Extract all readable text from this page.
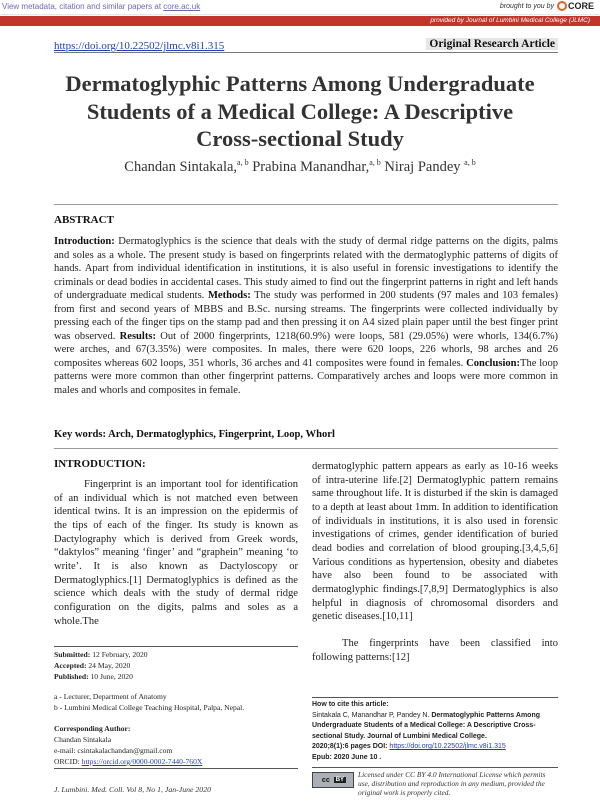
View metadata, citation and similar papers at core.ac.uk	brought to you by CORE
provided by Journal of Lumbini Medical College (JLMC)
https://doi.org/10.22502/jlmc.v8i1.315	Original Research Article
Dermatoglyphic Patterns Among Undergraduate
Students of a Medical College: A Descriptive
Cross-sectional Study
Chandan Sintakala,$^{a, b}$ Prabina Manandhar,$^{a, b}$ Niraj Pandey $^{a, b}$
ABSTRACT
Introduction: Dermatoglyphics is the science that deals with the study of dermal ridge patterns on the digits, palms and soles as a whole. The present study is based on fingerprints related with the dermatoglyphic patterns of digits of hands. Apart from individual identification in institutions, it is also useful in forensic investigations to identify the criminals or dead bodies in accidental cases. This study aimed to find out the fingerprint patterns in right and left hands of undergraduate medical students. Methods: The study was performed in 200 students (97 males and 103 females) from first and second years of MBBS and B.Sc. nursing streams. The fingerprints were collected individually by pressing each of the finger tips on the stamp pad and then pressing it on A4 sized plain paper until the best finger print was observed. Results: Out of 2000 fingerprints, 1218(60.9%) were loops, 581 (29.05%) were whorls, 134(6.7%) were arches, and 67(3.35%) were composites. In males, there were 620 loops, 226 whorls, 98 arches and 26 composites whereas 602 loops, 351 whorls, 36 arches and 41 composites were found in females. Conclusion:The loop patterns were more common than other fingerprint patterns. Comparatively arches and loops were more common in males and whorls and composites in female.
Key words: Arch, Dermatoglyphics, Fingerprint, Loop, Whorl
INTRODUCTION:
Fingerprint is an important tool for identification of an individual which is not matched even between identical twins. It is an impression on the epidermis of the tips of each of the finger. Its study is known as Dactylography which is derived from Greek words, “daktylos” meaning ‘finger’ and “graphein” meaning ‘to write’. It is also known as Dactyloscopy or Dermatoglyphics.[1] Dermatoglyphics is defined as the science which deals with the study of dermal ridge configuration on the digits, palms and soles as a whole.The

dermatoglyphic pattern appears as early as 10-16 weeks of intra-uterine life.[2] Dermatoglyphic pattern remains same throughout life. It is disturbed if the skin is damaged to a depth at least about 1mm. In addition to identification of individuals in institutions, it is also used in forensic investigations of crimes, gender identification of buried dead bodies and correlation of blood grouping.[3,4,5,6] Various conditions as hypertension, obesity and diabetes have also been found to be associated with dermatoglyphic findings.[7,8,9] Dermatoglyphics is also helpful in diagnosis of chromosomal disorders and genetic diseases.[10,11]

The fingerprints have been classified into following patterns:[12]

Submitted: 12 February, 2020
Accepted: 24 May, 2020
Published: 10 June, 2020
a - Lecturer, Department of Anatomy
b - Lumbini Medical College Teaching Hospital, Palpa, Nepal.
Corresponding Author:
Chandan Sintakala
e-mail: csintakalachandan@gmail.com
ORCID: https://orcid.org/0000-0002-7440-760X
J. Lumbini. Med. Coll. Vol 8, No 1, Jan-June 2020
How to cite this article:
Sintakala C, Manandhar P, Pandey N. Dermatoglyphic Patterns Among Undergraduate Students of a Medical College: A Descriptive Cross-sectional Study. Journal of Lumbini Medical College.
2020;8(1):6 pages DOI: https://doi.org/10.22502/jlmc.v8i1.315
Epub: 2020 June 10 .
cc	BY
Licensed under CC BY 4.0 International License which permits use, distribution and reproduction in any medium, provided the original work is properly cited.
